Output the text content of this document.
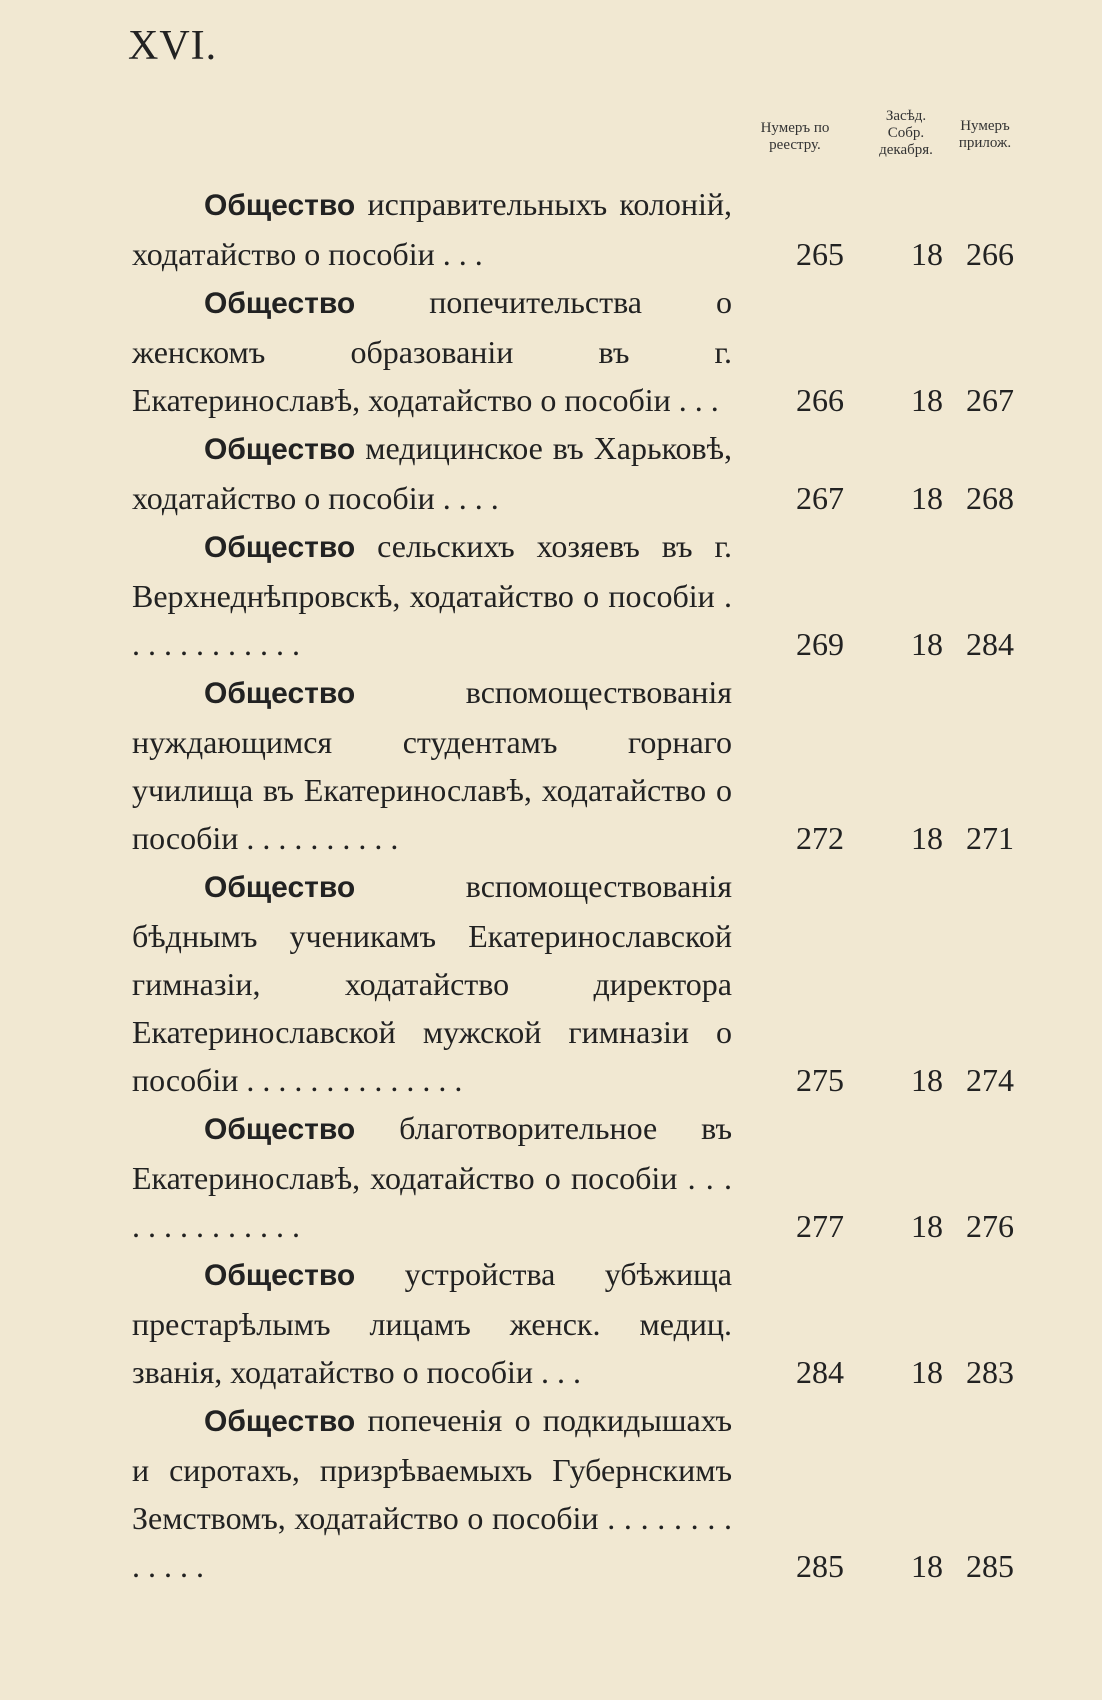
XVI.
Нумеръ по реестру.
Засѣд. Собр. декабря.
Нумеръ прилож.
Общество исправительныхъ колоній, ходатайство о пособіи . . .	265 18 266
Общество попечительства о женскомъ образованіи въ г. Екатеринославѣ, ходатайство о пособіи . . .	266 18 267
Общество медицинское въ Харьковѣ, ходатайство о пособіи . . . .	267 18 268
Общество сельскихъ хозяевъ въ г. Верхнеднѣпровскѣ, ходатайство о пособіи . . . . . . . . . . . .	269 18 284
Общество	вспомоществованія нуждающимся студентамъ горнаго училища въ Екатеринославѣ, ходатайство о пособіи . . . . . . . . . .	272 18 271
Общество	вспомоществованія бѣднымъ ученикамъ Екатеринославской гимназіи, ходатайство директора Екатеринославской мужской гимназіи о пособіи . . . . . . . . . . . . . .	275 18 274
Общество благотворительное въ Екатеринославѣ, ходатайство о пособіи . . . . . . . . . . . . . .	277 18 276
Общество устройства убѣжища престарѣлымъ лицамъ женск. медиц. званія, ходатайство о пособіи . . .	284 18 283
Общество попеченія о подкидышахъ и сиротахъ, призрѣваемыхъ Губернскимъ Земствомъ, ходатайство о пособіи . . . . . . . . . . . . .	285 18 285
